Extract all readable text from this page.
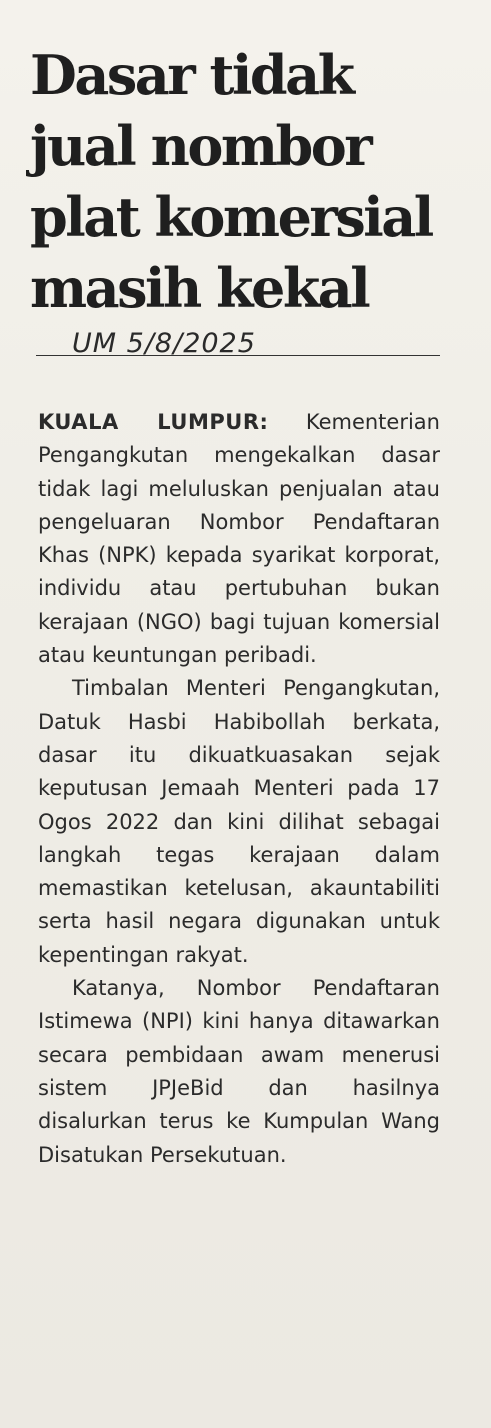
Dasar tidak
jual nombor
plat komersial
masih kekal
UM 5/8/2025

KUALA LUMPUR: Kementerian Pengangkutan mengekalkan dasar tidak lagi meluluskan penjualan atau pengeluaran Nombor Pendaftaran Khas (NPK) kepada syarikat korporat, individu atau pertubuhan bukan kerajaan (NGO) bagi tujuan komersial atau keuntungan peribadi.

Timbalan Menteri Pengangkutan, Datuk Hasbi Habibollah berkata, dasar itu dikuatkuasakan sejak keputusan Jemaah Menteri pada 17 Ogos 2022 dan kini dilihat sebagai langkah tegas kerajaan dalam memastikan ketelusan, akauntabiliti serta hasil negara digunakan untuk kepentingan rakyat.

Katanya, Nombor Pendaftaran Istimewa (NPI) kini hanya ditawarkan secara pembidaan awam menerusi sistem JPJeBid dan hasilnya disalurkan terus ke Kumpulan Wang Disatukan Persekutuan.
